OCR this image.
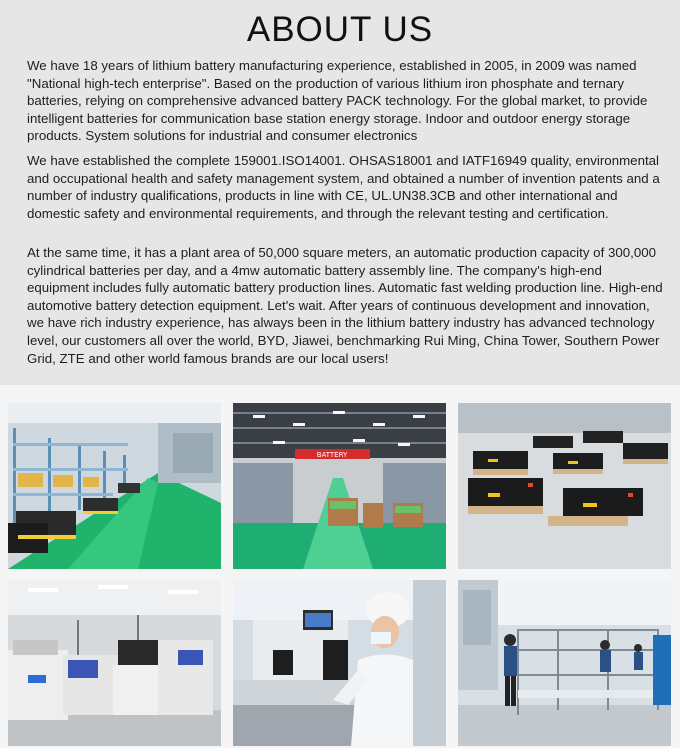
ABOUT US

We have 18 years of lithium battery manufacturing experience, established in 2005, in 2009 was named "National high-tech enterprise". Based on the production of various lithium iron phosphate and ternary batteries, relying on comprehensive advanced battery PACK technology. For the global market, to provide intelligent batteries for communication base station energy storage. Indoor and outdoor energy storage products. System solutions for industrial and consumer electronics

We have established the complete 159001.ISO14001. OHSAS18001 and IATF16949 quality, environmental and occupational health and safety management system, and obtained a number of invention patents and a number of industry qualifications, products in line with CE, UL.UN38.3CB and other international and domestic safety and environmental requirements, and through the relevant testing and certification.

At the same time, it has a plant area of 50,000 square meters, an automatic production capacity of 300,000 cylindrical batteries per day, and a 4mw automatic battery assembly line. The company's high-end equipment includes fully automatic battery production lines. Automatic fast welding production line. High-end automotive battery detection equipment. Let's wait. After years of continuous development and innovation, we have rich industry experience, has always been in the lithium battery industry has advanced technology level, our customers all over the world, BYD, Jiawei, benchmarking Rui Ming, China Tower, Southern Power Grid, ZTE and other world famous brands are our local users!

BATTERY
